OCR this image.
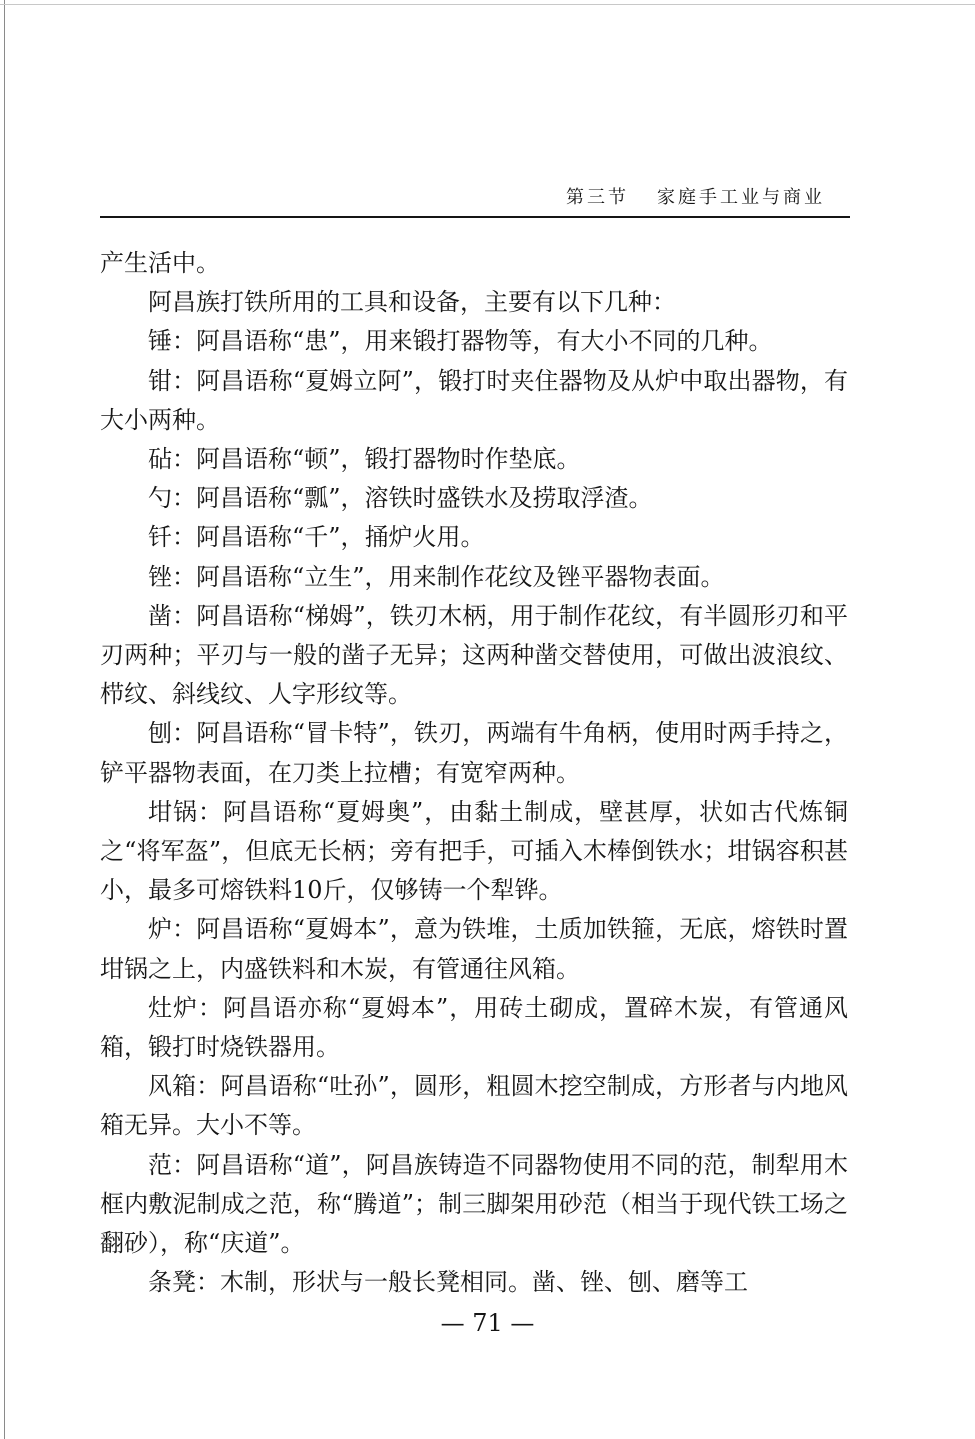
第三节 家庭手工业与商业

产生活中。

阿昌族打铁所用的工具和设备，主要有以下几种：

锤：阿昌语称“患”，用来锻打器物等，有大小不同的几种。

钳：阿昌语称“夏姆立阿”，锻打时夹住器物及从炉中取出器物，有大小两种。

砧：阿昌语称“顿”，锻打器物时作垫底。

勺：阿昌语称“瓢”，溶铁时盛铁水及捞取浮渣。

钎：阿昌语称“千”，捅炉火用。

锉：阿昌语称“立生”，用来制作花纹及锉平器物表面。

凿：阿昌语称“梯姆”，铁刃木柄，用于制作花纹，有半圆形刃和平刃两种；平刃与一般的凿子无异；这两种凿交替使用，可做出波浪纹、栉纹、斜线纹、人字形纹等。

刨：阿昌语称“冒卡特”，铁刃，两端有牛角柄，使用时两手持之，铲平器物表面，在刀类上拉槽；有宽窄两种。

坩锅：阿昌语称“夏姆奥”，由黏土制成，壁甚厚，状如古代炼铜之“将军盔”，但底无长柄；旁有把手，可插入木棒倒铁水；坩锅容积甚小，最多可熔铁料10斤，仅够铸一个犁铧。

炉：阿昌语称“夏姆本”，意为铁堆，土质加铁箍，无底，熔铁时置坩锅之上，内盛铁料和木炭，有管通往风箱。

灶炉：阿昌语亦称“夏姆本”，用砖土砌成，置碎木炭，有管通风箱，锻打时烧铁器用。

风箱：阿昌语称“吐孙”，圆形，粗圆木挖空制成，方形者与内地风箱无异。大小不等。

范：阿昌语称“道”，阿昌族铸造不同器物使用不同的范，制犁用木框内敷泥制成之范，称“腾道”；制三脚架用砂范（相当于现代铁工场之翻砂），称“庆道”。

条凳：木制，形状与一般长凳相同。凿、锉、刨、磨等工

— 71 —
